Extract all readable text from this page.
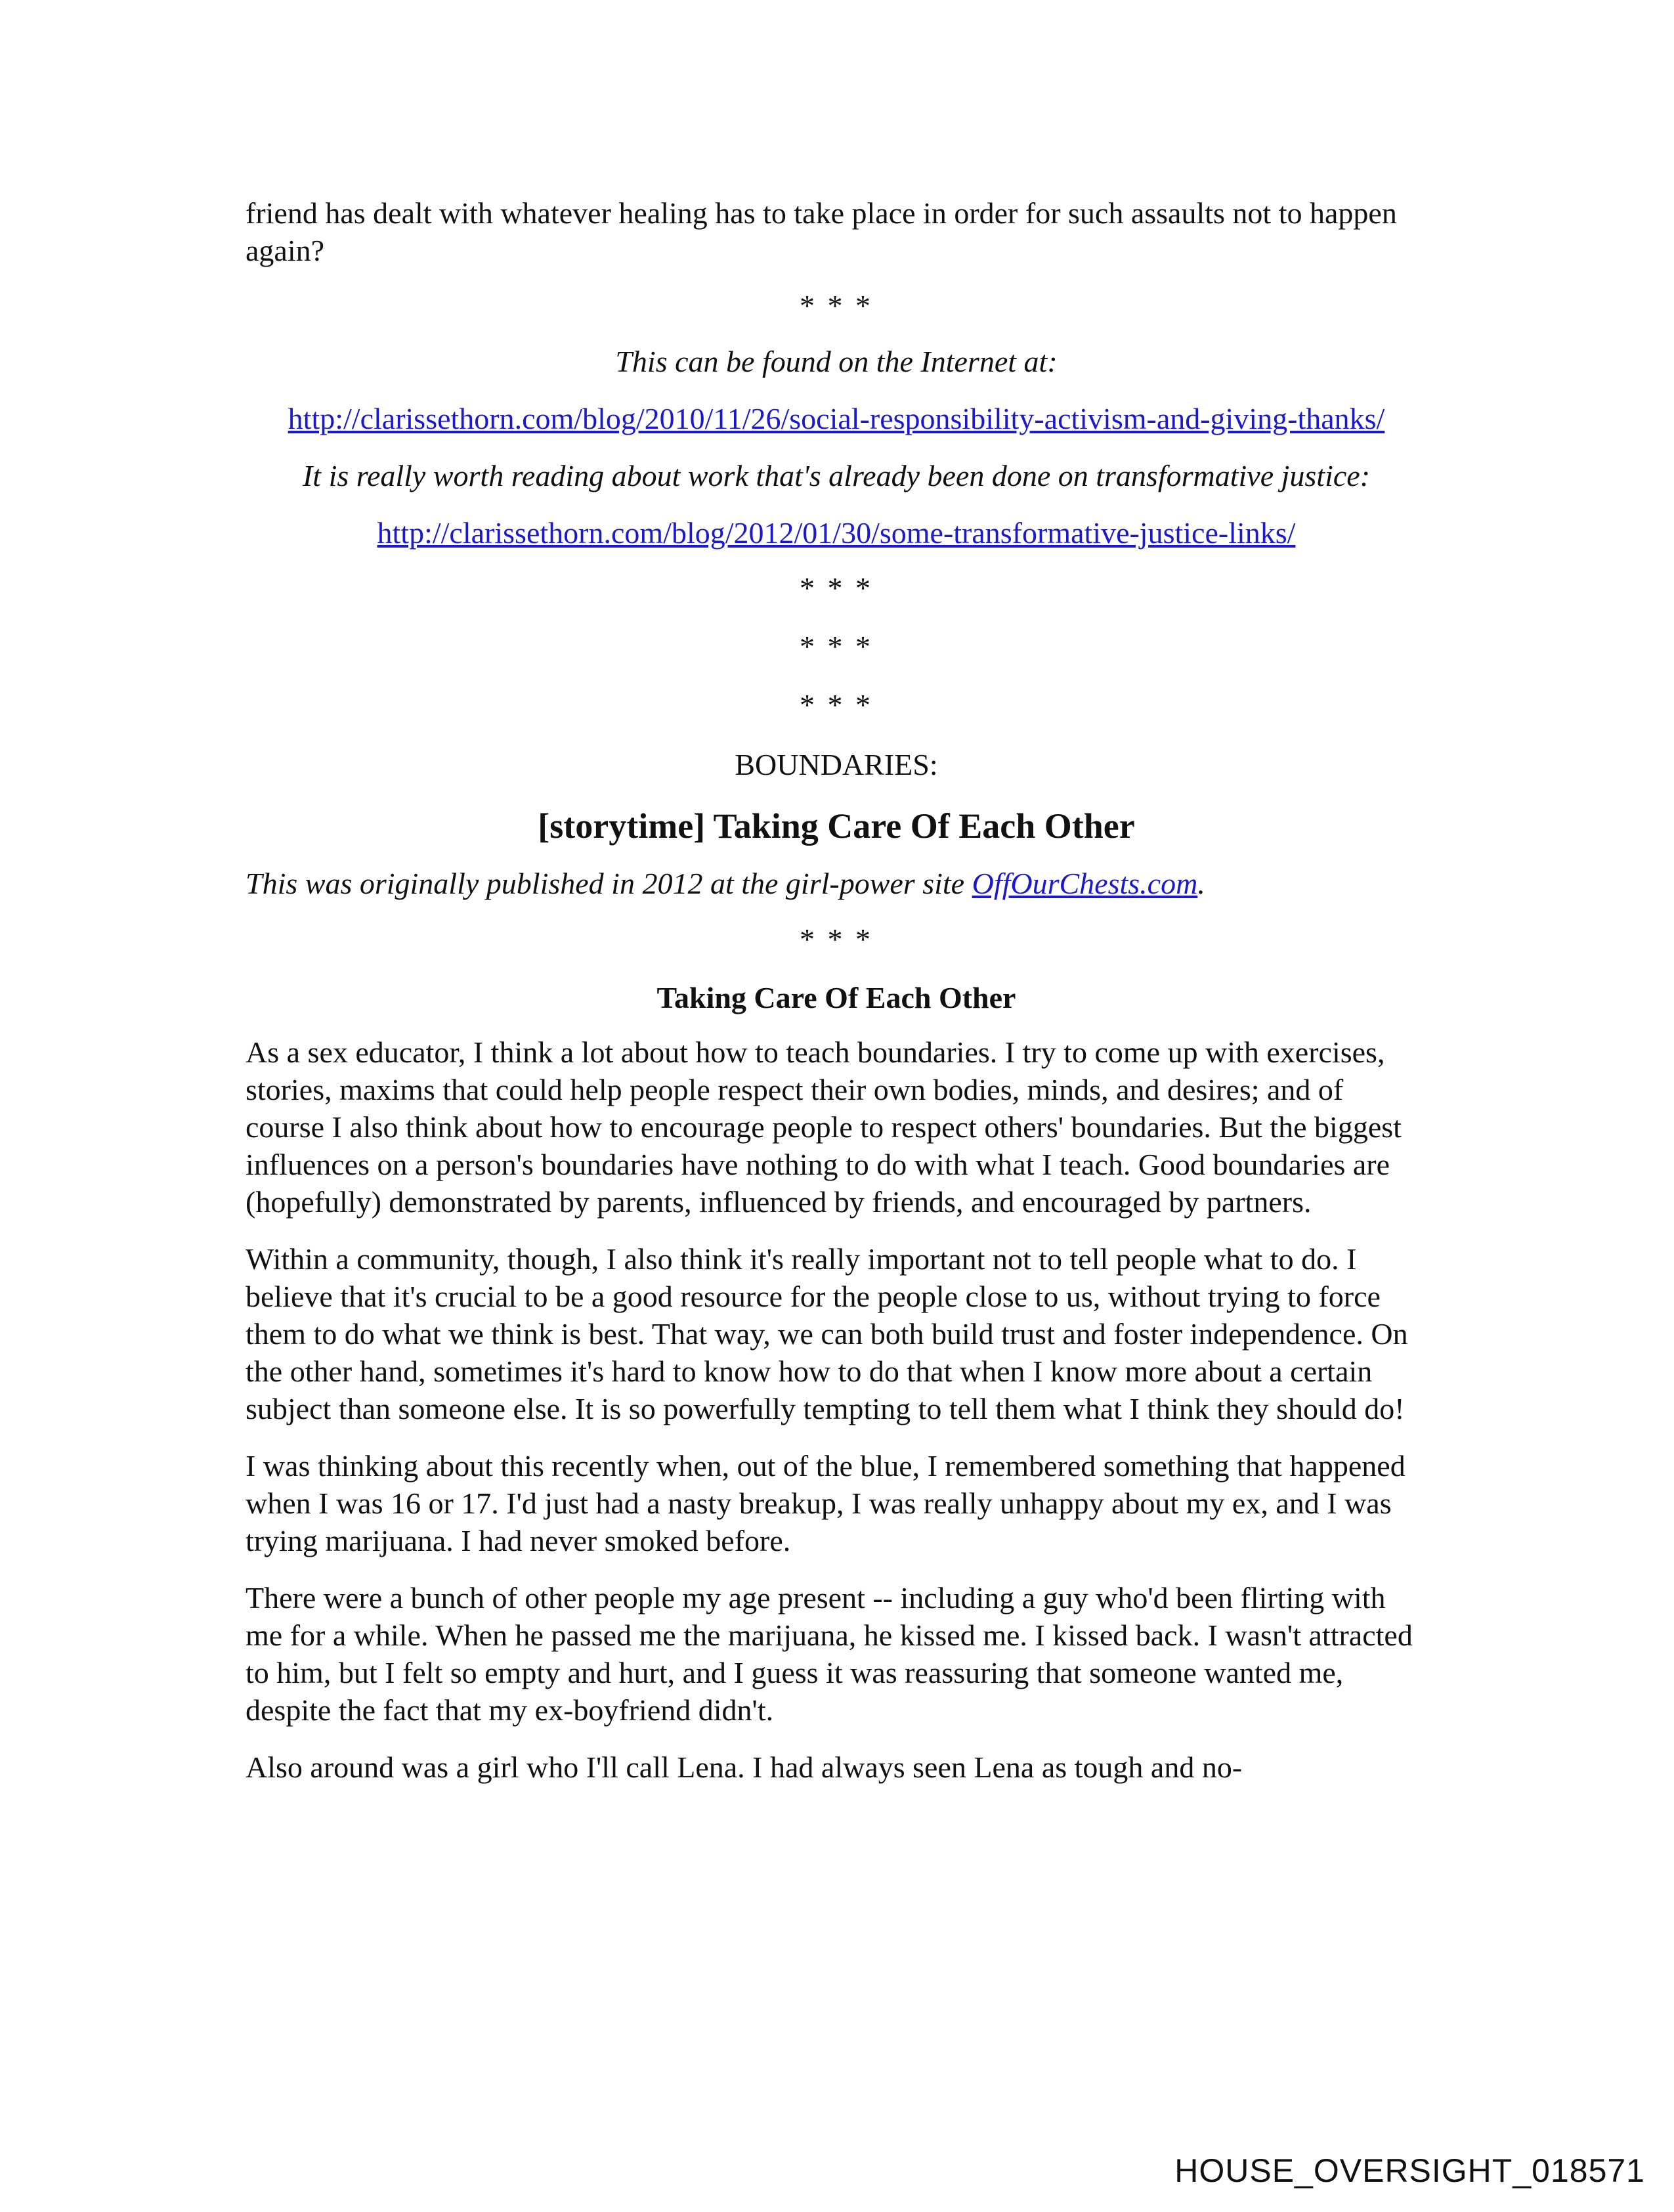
friend has dealt with whatever healing has to take place in order for such assaults not to happen again?

* * *

This can be found on the Internet at:

http://clarissethorn.com/blog/2010/11/26/social-responsibility-activism-and-giving-thanks/

It is really worth reading about work that's already been done on transformative justice:

http://clarissethorn.com/blog/2012/01/30/some-transformative-justice-links/

* * *
* * *
* * *

BOUNDARIES:

[storytime] Taking Care Of Each Other

This was originally published in 2012 at the girl-power site OffOurChests.com.

* * *
Taking Care Of Each Other

As a sex educator, I think a lot about how to teach boundaries. I try to come up with exercises, stories, maxims that could help people respect their own bodies, minds, and desires; and of course I also think about how to encourage people to respect others' boundaries. But the biggest influences on a person's boundaries have nothing to do with what I teach. Good boundaries are (hopefully) demonstrated by parents, influenced by friends, and encouraged by partners.

Within a community, though, I also think it's really important not to tell people what to do. I believe that it's crucial to be a good resource for the people close to us, without trying to force them to do what we think is best. That way, we can both build trust and foster independence. On the other hand, sometimes it's hard to know how to do that when I know more about a certain subject than someone else. It is so powerfully tempting to tell them what I think they should do!

I was thinking about this recently when, out of the blue, I remembered something that happened when I was 16 or 17. I'd just had a nasty breakup, I was really unhappy about my ex, and I was trying marijuana. I had never smoked before.

There were a bunch of other people my age present -- including a guy who'd been flirting with me for a while. When he passed me the marijuana, he kissed me. I kissed back. I wasn't attracted to him, but I felt so empty and hurt, and I guess it was reassuring that someone wanted me, despite the fact that my ex-boyfriend didn't.

Also around was a girl who I'll call Lena. I had always seen Lena as tough and no-

HOUSE_OVERSIGHT_018571
